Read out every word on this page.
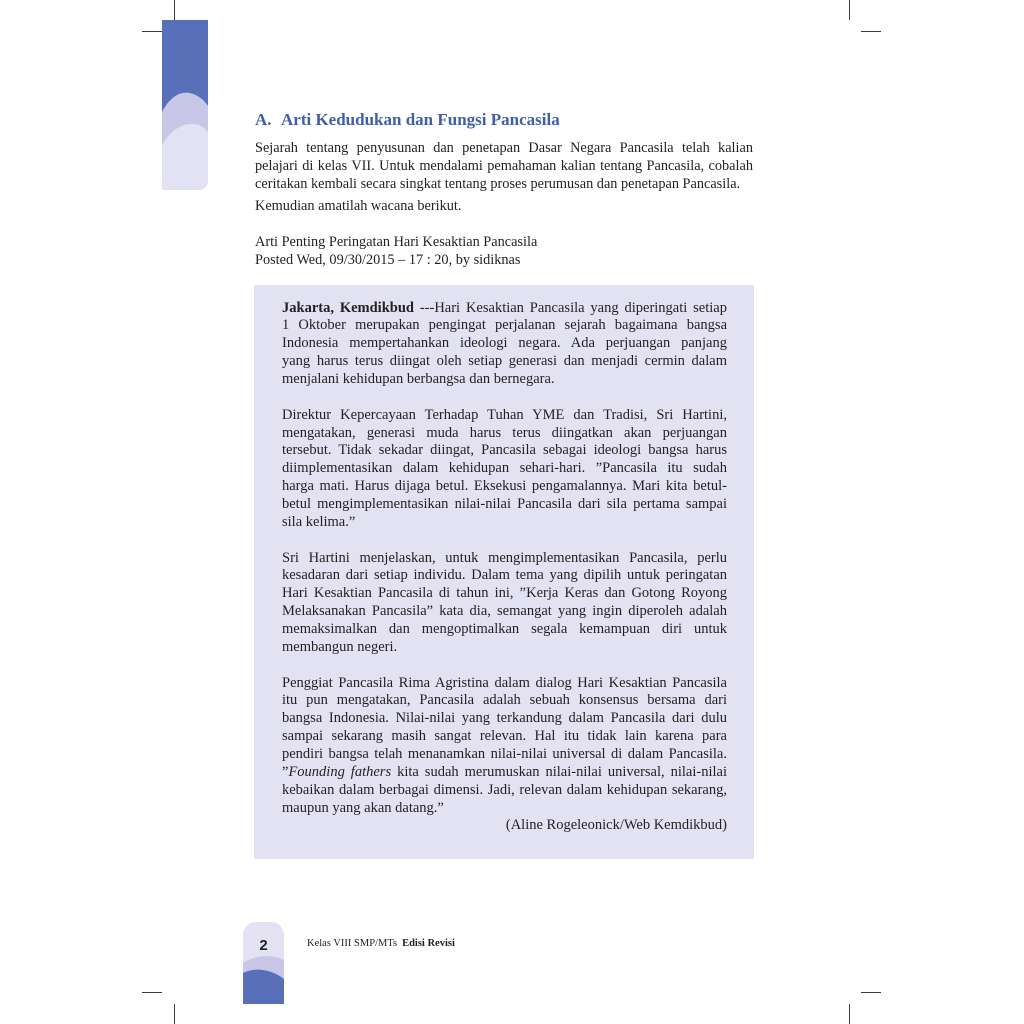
A. Arti Kedudukan dan Fungsi Pancasila
Sejarah tentang penyusunan dan penetapan Dasar Negara Pancasila telah kalian
pelajari di kelas VII. Untuk mendalami pemahaman kalian tentang Pancasila, cobalah
ceritakan kembali secara singkat tentang proses perumusan dan penetapan Pancasila.
Kemudian amatilah wacana berikut.
Arti Penting Peringatan Hari Kesaktian Pancasila
Posted Wed, 09/30/2015 – 17 : 20, by sidiknas
Jakarta, Kemdikbud ---Hari Kesaktian Pancasila yang diperingati setiap
1 Oktober merupakan pengingat perjalanan sejarah bagaimana bangsa
Indonesia mempertahankan ideologi negara. Ada perjuangan panjang
yang harus terus diingat oleh setiap generasi dan menjadi cermin dalam
menjalani kehidupan berbangsa dan bernegara.
Direktur Kepercayaan Terhadap Tuhan YME dan Tradisi, Sri Hartini,
mengatakan, generasi muda harus terus diingatkan akan perjuangan
tersebut. Tidak sekadar diingat, Pancasila sebagai ideologi bangsa harus
diimplementasikan dalam kehidupan sehari-hari. ”Pancasila itu sudah
harga mati. Harus dijaga betul. Eksekusi pengamalannya. Mari kita betul-
betul mengimplementasikan nilai-nilai Pancasila dari sila pertama sampai
sila kelima.”
Sri Hartini menjelaskan, untuk mengimplementasikan Pancasila, perlu
kesadaran dari setiap individu. Dalam tema yang dipilih untuk peringatan
Hari Kesaktian Pancasila di tahun ini, ”Kerja Keras dan Gotong Royong
Melaksanakan Pancasila” kata dia, semangat yang ingin diperoleh adalah
memaksimalkan dan mengoptimalkan segala kemampuan diri untuk
membangun negeri.
Penggiat Pancasila Rima Agristina dalam dialog Hari Kesaktian Pancasila
itu pun mengatakan, Pancasila adalah sebuah konsensus bersama dari
bangsa Indonesia. Nilai-nilai yang terkandung dalam Pancasila dari dulu
sampai sekarang masih sangat relevan. Hal itu tidak lain karena para
pendiri bangsa telah menanamkan nilai-nilai universal di dalam Pancasila.
”Founding fathers kita sudah merumuskan nilai-nilai universal, nilai-nilai
kebaikan dalam berbagai dimensi. Jadi, relevan dalam kehidupan sekarang,
maupun yang akan datang.”
(Aline Rogeleonick/Web Kemdikbud)
2	Kelas VIII SMP/MTs Edisi Revisi
